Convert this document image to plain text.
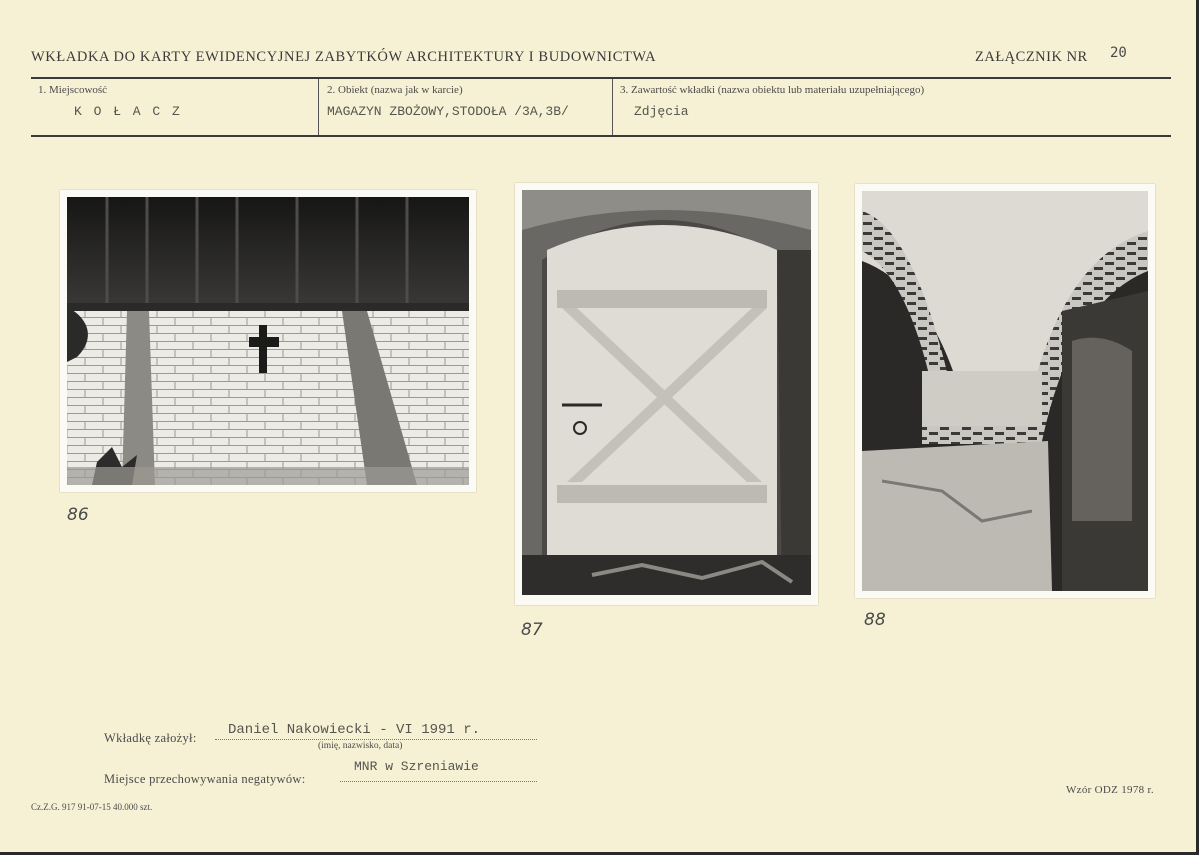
WKŁADKA DO KARTY EWIDENCYJNEJ ZABYTKÓW ARCHITEKTURY I BUDOWNICTWA	ZAŁĄCZNIK NR 20
1. Miejscowość
K O Ł A C Z
2. Obiekt (nazwa jak w karcie)
MAGAZYN ZBOŻOWY,STODOŁA /3A,3B/
3. Zawartość wkładki (nazwa obiektu lub materiału uzupełniającego)
Zdjęcia
86
87	88
Wkładkę założył: Daniel Nakowiecki - VI 1991 r.
(imię, nazwisko, data)
Miejsce przechowywania negatywów:
MNR w Szreniawie
Cz.Z.G. 917 91-07-15 40.000 szt.
Wzór ODZ 1978 r.
